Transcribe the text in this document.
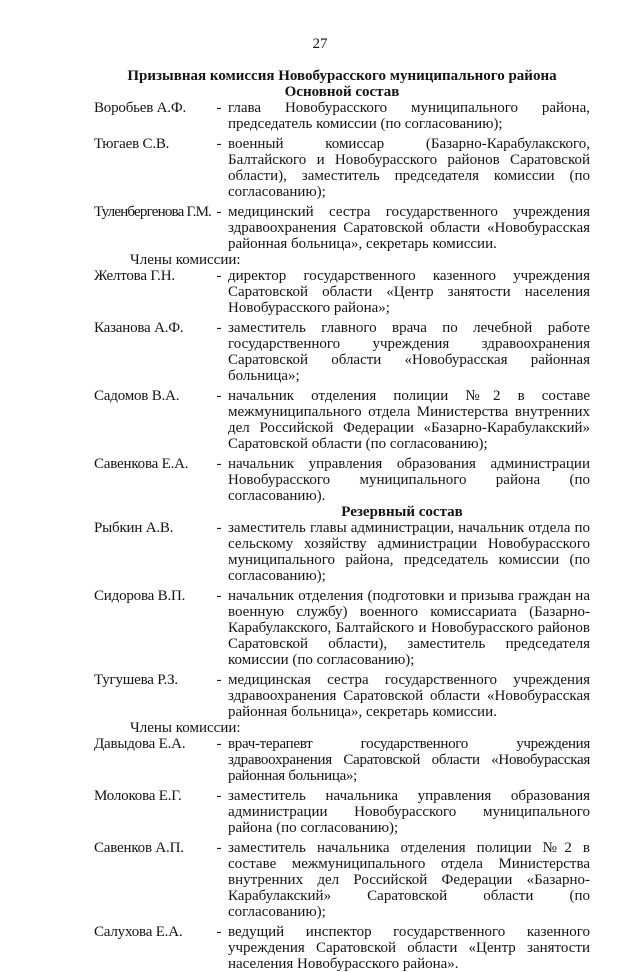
27
Призывная комиссия Новобурасского муниципального района
Основной состав
Воробьев А.Ф.	- глава Новобурасского муниципального района, председатель комиссии (по согласованию);
Тюгаев С.В.	- военный комиссар (Базарно-Карабулакского, Балтайского и Новобурасского районов Саратовской области), заместитель председателя комиссии (по согласованию);
Туленбергенова Г.М. - медицинский сестра государственного учреждения здравоохранения Саратовской области «Новобурасская районная больница», секретарь комиссии.
Члены комиссии:
Желтова Г.Н.	- директор государственного казенного учреждения Саратовской области «Центр занятости населения Новобурасского района»;
Казанова А.Ф.	- заместитель главного врача по лечебной работе государственного учреждения здравоохранения Саратовской области «Новобурасская районная больница»;
Садомов В.А.	- начальник отделения полиции №2 в составе межмуниципального отдела Министерства внутренних дел Российской Федерации «Базарно-Карабулакский» Саратовской области (по согласованию);
Савенкова Е.А.	- начальник управления образования администрации Новобурасского муниципального района (по согласованию).
Резервный состав
Рыбкин А.В.	- заместитель главы администрации, начальник отдела по сельскому хозяйству администрации Новобурасского муниципального района, председатель комиссии (по согласованию);
Сидорова В.П.	- начальник отделения (подготовки и призыва граждан на военную службу) военного комиссариата (Базарно-Карабулакского, Балтайского и Новобурасского районов Саратовской области), заместитель председателя комиссии (по согласованию);
Тугушева Р.З.	- медицинская сестра государственного учреждения здравоохранения Саратовской области «Новобурасская районная больница», секретарь комиссии.
Члены комиссии:
Давыдова Е.А.	- врач-терапевт государственного учреждения здравоохранения Саратовской области «Новобурасская районная больница»;
Молокова Е.Г.	- заместитель начальника управления образования администрации Новобурасского муниципального района (по согласованию);
Савенков А.П.	- заместитель начальника отделения полиции №2 в составе межмуниципального отдела Министерства внутренних дел Российской Федерации «Базарно-Карабулакский» Саратовской области (по согласованию);
Салухова Е.А.	- ведущий инспектор государственного казенного учреждения Саратовской области «Центр занятости населения Новобурасского района».
